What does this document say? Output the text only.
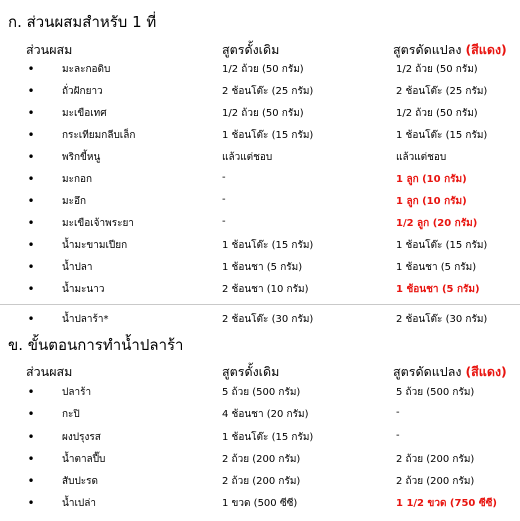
ก. ส่วนผสมสำหรับ 1 ที่
ส่วนผสม	สูตรดั้งเดิม	สูตรดัดแปลง (สีแดง)
•	มะละกอดิบ	1/2 ถ้วย (50 กรัม)	1/2 ถ้วย (50 กรัม)
•	ถั่วฝักยาว	2 ช้อนโต๊ะ (25 กรัม)	2 ช้อนโต๊ะ (25 กรัม)
•	มะเขือเทศ	1/2 ถ้วย (50 กรัม)	1/2 ถ้วย (50 กรัม)
•	กระเทียมกลีบเล็ก	1 ช้อนโต๊ะ (15 กรัม)	1 ช้อนโต๊ะ (15 กรัม)
•	พริกขี้หนู	แล้วแต่ชอบ	แล้วแต่ชอบ
•	มะกอก	-	1 ลูก (10 กรัม)
•	มะอึก	-	1 ลูก (10 กรัม)
•	มะเขือเจ้าพระยา	-	1/2 ลูก (20 กรัม)
•	น้ำมะขามเปียก	1 ช้อนโต๊ะ (15 กรัม)	1 ช้อนโต๊ะ (15 กรัม)
•	น้ำปลา	1 ช้อนชา (5 กรัม)	1 ช้อนชา (5 กรัม)
•	น้ำมะนาว	2 ช้อนชา (10 กรัม)	1 ช้อนชา (5 กรัม)
•	น้ำปลาร้า*	2 ช้อนโต๊ะ (30 กรัม)	2 ช้อนโต๊ะ (30 กรัม)
ข. ขั้นตอนการทำน้ำปลาร้า
ส่วนผสม	สูตรดั้งเดิม	สูตรดัดแปลง (สีแดง)
•	ปลาร้า	5 ถ้วย (500 กรัม)	5 ถ้วย (500 กรัม)
•	กะปิ	4 ช้อนชา (20 กรัม)	-
•	ผงปรุงรส	1 ช้อนโต๊ะ (15 กรัม)	-
•	น้ำตาลปี๊บ	2 ถ้วย (200 กรัม)	2 ถ้วย (200 กรัม)
•	สับปะรด	2 ถ้วย (200 กรัม)	2 ถ้วย (200 กรัม)
•	น้ำเปล่า	1 ขวด (500 ซีซี)	1 1/2 ขวด (750 ซีซี)
